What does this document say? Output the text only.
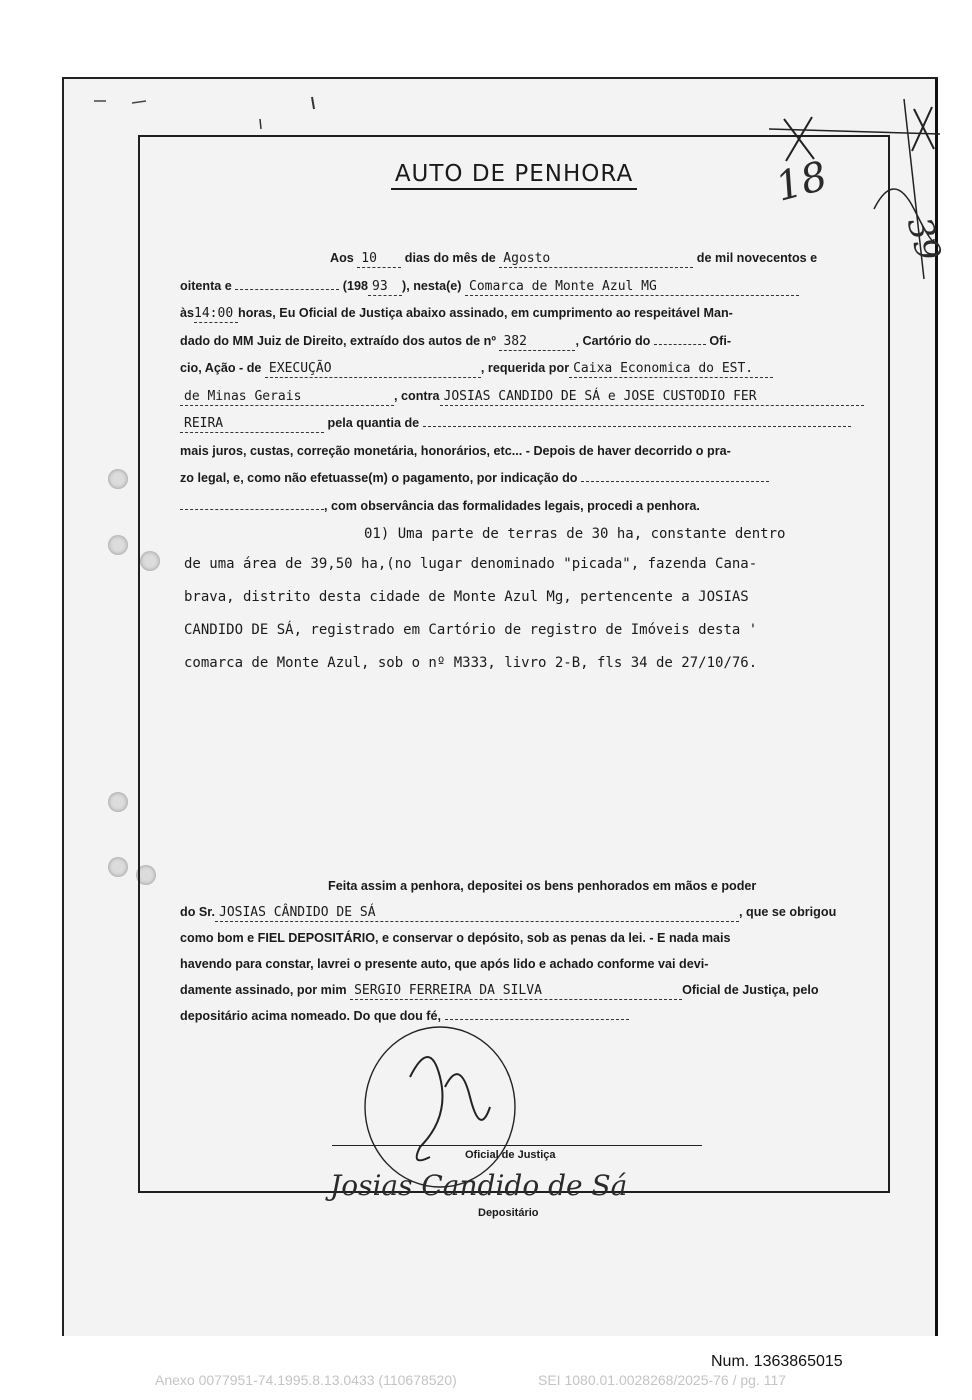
18
39
AUTO DE PENHORA
Aos 10 dias do mês de Agosto	de mil novecentos e
oitenta e	(198 93 ), nesta(e) Comarca de Monte Azul MG
às14:00 horas, Eu Oficial de Justiça abaixo assinado, em cumprimento ao respeitável Man-
dado do MM Juiz de Direito, extraído dos autos de nº 382	, Cartório do	Ofi-
cio, Ação - de EXECUÇÃO	, requerida por Caixa Economica do EST.
de Minas Gerais	, contra JOSIAS CANDIDO DE SÁ e JOSE CUSTODIO FER
REIRA	pela quantia de
mais juros, custas, correção monetária, honorários, etc... - Depois de haver decorrido o pra-
zo legal, e, como não efetuasse(m) o pagamento, por indicação do
, com observância das formalidades legais, procedi a penhora.
01) Uma parte de terras de 30 ha, constante dentro
de uma área de 39,50 ha,(no lugar denominado "picada", fazenda Cana-
brava, distrito desta cidade de Monte Azul Mg, pertencente a JOSIAS
CANDIDO DE SÁ, registrado em Cartório de registro de Imóveis desta '
comarca de Monte Azul, sob o nº M333, livro 2-B, fls 34 de 27/10/76.
Feita assim a penhora, depositei os bens penhorados em mãos e poder
do Sr. JOSIAS CÂNDIDO DE SÁ	, que se obrigou
como bom e FIEL DEPOSITÁRIO, e conservar o depósito, sob as penas da lei. - E nada mais
havendo para constar, lavrei o presente auto, que após lido e achado conforme vai devi-
damente assinado, por mim SERGIO FERREIRA DA SILVA	Oficial de Justiça, pelo
depositário acima nomeado. Do que dou fé,
Oficial de Justiça
Josias Candido de Sá
Depositário
Num. 1363865015
Anexo 0077951-74.1995.8.13.0433 (110678520)	SEI 1080.01.0028268/2025-76 / pg. 117
